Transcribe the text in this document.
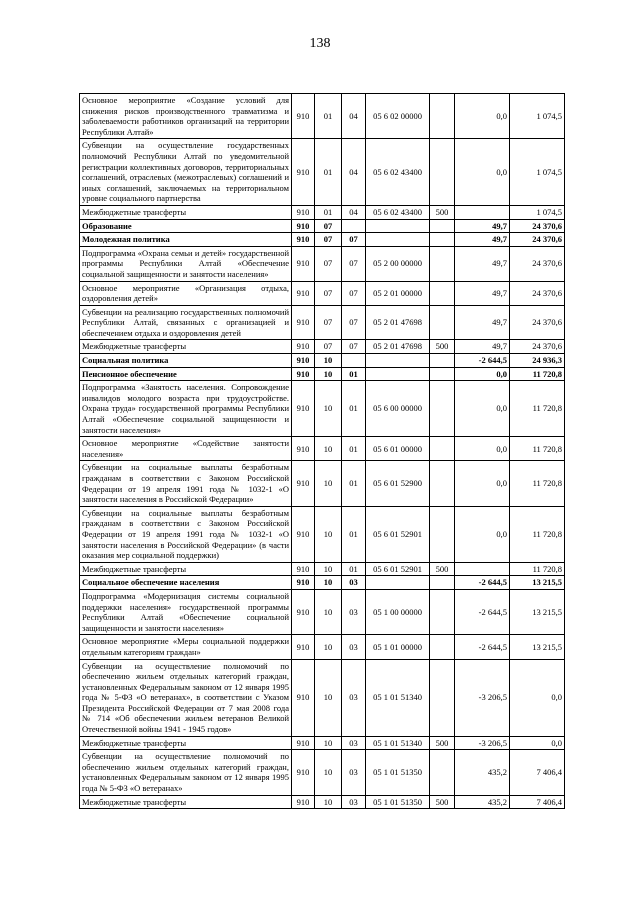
138
Основное мероприятие «Создание условий для снижения рисков производственного травматизма и заболеваемости работников организаций на территории Республики Алтай»	910	01	04	05 6 02 00000		0,0	1 074,5
Субвенции на осуществление государственных полномочий Республики Алтай по уведомительной регистрации коллективных договоров, территориальных соглашений, отраслевых (межотраслевых) соглашений и иных соглашений, заключаемых на территориальном уровне социального партнерства	910	01	04	05 6 02 43400		0,0	1 074,5
Межбюджетные трансферты	910	01	04	05 6 02 43400	500		1 074,5
Образование	910	07				49,7	24 370,6
Молодежная политика	910	07	07			49,7	24 370,6
Подпрограмма «Охрана семьи и детей» государственной программы Республики Алтай «Обеспечение социальной защищенности и занятости населения»	910	07	07	05 2 00 00000		49,7	24 370,6
Основное мероприятие «Организация отдыха, оздоровления детей»	910	07	07	05 2 01 00000		49,7	24 370,6
Субвенции на реализацию государственных полномочий Республики Алтай, связанных с организацией и обеспечением отдыха и оздоровления детей	910	07	07	05 2 01 47698		49,7	24 370,6
Межбюджетные трансферты	910	07	07	05 2 01 47698	500	49,7	24 370,6
Социальная политика	910	10				-2 644,5	24 936,3
Пенсионное обеспечение	910	10	01			0,0	11 720,8
Подпрограмма «Занятость населения. Сопровождение инвалидов молодого возраста при трудоустройстве. Охрана труда» государственной программы Республики Алтай «Обеспечение социальной защищенности и занятости населения»	910	10	01	05 6 00 00000		0,0	11 720,8
Основное мероприятие «Содействие занятости населения»	910	10	01	05 6 01 00000		0,0	11 720,8
Субвенции на социальные выплаты безработным гражданам в соответствии с Законом Российской Федерации от 19 апреля 1991 года № 1032-1 «О занятости населения в Российской Федерации»	910	10	01	05 6 01 52900		0,0	11 720,8
Субвенции на социальные выплаты безработным гражданам в соответствии с Законом Российской Федерации от 19 апреля 1991 года № 1032-1 «О занятости населения в Российской Федерации» (в части оказания мер социальной поддержки)	910	10	01	05 6 01 52901		0,0	11 720,8
Межбюджетные трансферты	910	10	01	05 6 01 52901	500		11 720,8
Социальное обеспечение населения	910	10	03			-2 644,5	13 215,5
Подпрограмма «Модернизация системы социальной поддержки населения» государственной программы Республики Алтай «Обеспечение социальной защищенности и занятости населения»	910	10	03	05 1 00 00000		-2 644,5	13 215,5
Основное мероприятие «Меры социальной поддержки отдельным категориям граждан»	910	10	03	05 1 01 00000		-2 644,5	13 215,5
Субвенции на осуществление полномочий по обеспечению жильем отдельных категорий граждан, установленных Федеральным законом от 12 января 1995 года № 5-ФЗ «О ветеранах», в соответствии с Указом Президента Российской Федерации от 7 мая 2008 года № 714 «Об обеспечении жильем ветеранов Великой Отечественной войны 1941 - 1945 годов»	910	10	03	05 1 01 51340		-3 206,5	0,0
Межбюджетные трансферты	910	10	03	05 1 01 51340	500	-3 206,5	0,0
Субвенции на осуществление полномочий по обеспечению жильем отдельных категорий граждан, установленных Федеральным законом от 12 января 1995 года № 5-ФЗ «О ветеранах»	910	10	03	05 1 01 51350		435,2	7 406,4
Межбюджетные трансферты	910	10	03	05 1 01 51350	500	435,2	7 406,4
